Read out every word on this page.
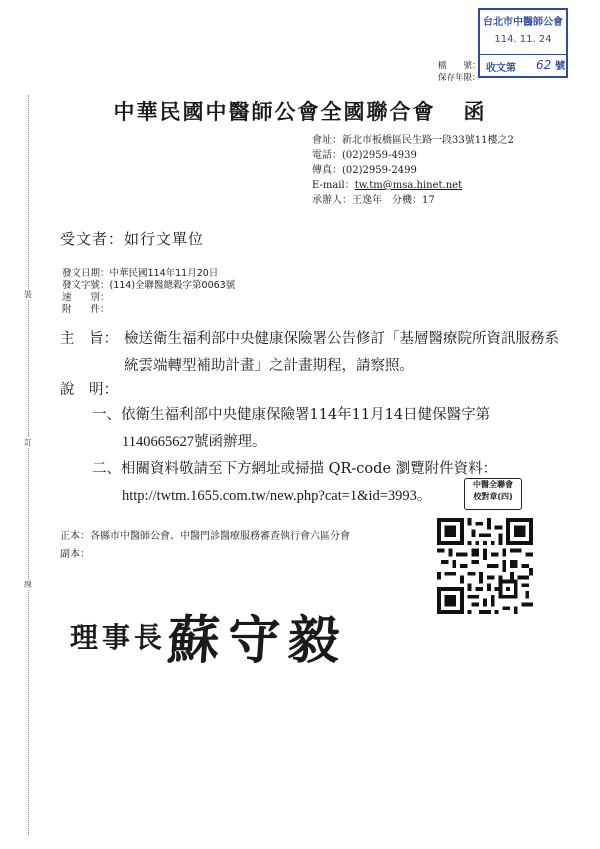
裝
訂
線
台北市中醫師公會
114. 11. 24
收文第 62 號
檔　　號：
保存年限：
中華民國中醫師公會全國聯合會 函
會址：新北市板橋區民生路一段33號11樓之2
電話：(02)2959-4939
傳真：(02)2959-2499
E-mail：tw.tm@msa.hinet.net
承辦人：王逸年　分機：17
受文者：如行文單位
發文日期：中華民國114年11月20日
發文字號：(114)全聯醫總穀字第0063號
速　　別：
附　　件：
主　旨： 檢送衛生福利部中央健康保險署公告修訂「基層醫療院所資訊服務系統雲端轉型補助計畫」之計畫期程，請察照。
說　明：
一、依衛生福利部中央健康保險署114年11月14日健保醫字第
1140665627號函辦理。
二、相關資料敬請至下方網址或掃描 QR-code 瀏覽附件資料：
http://twtm.1655.com.tw/new.php?cat=1&id=3993。
中醫全聯會
校對章(四)
正本：各縣市中醫師公會、中醫門診醫療服務審查執行會六區分會
副本：
理事長 蘇守毅
